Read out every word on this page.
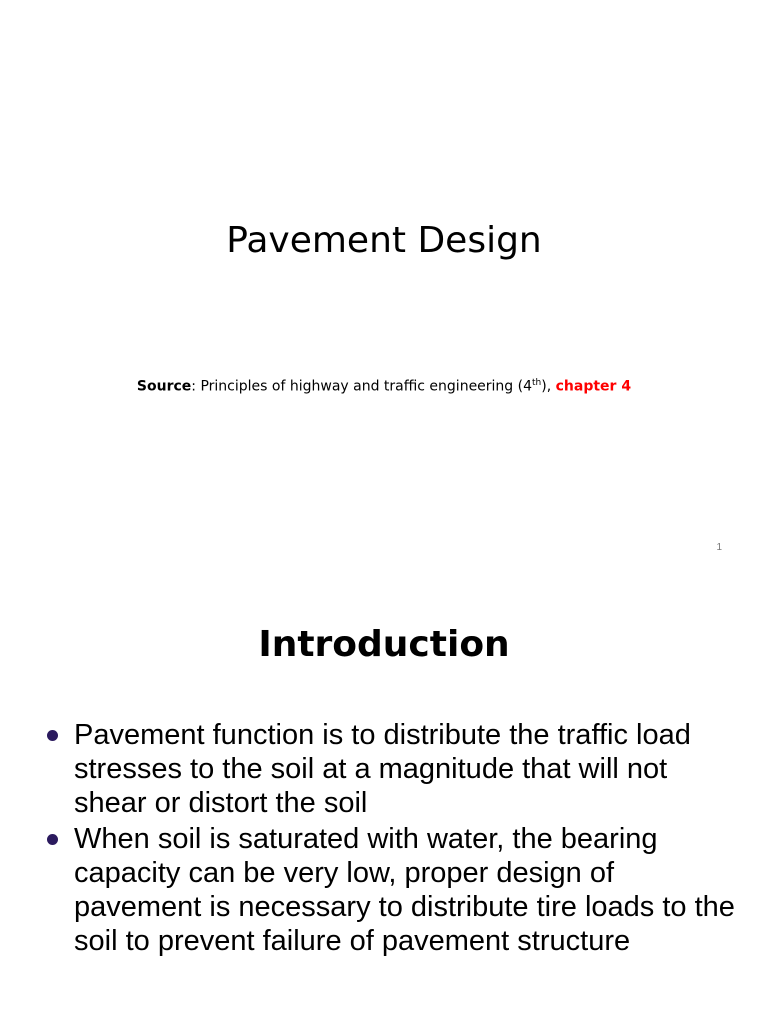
Pavement Design

Source: Principles of highway and traffic engineering (4th), chapter 4

1
Introduction
Pavement function is to distribute the traffic load stresses to the soil at a magnitude that will not shear or distort the soil
When soil is saturated with water, the bearing capacity can be very low, proper design of pavement is necessary to distribute tire loads to the soil to prevent failure of pavement structure
